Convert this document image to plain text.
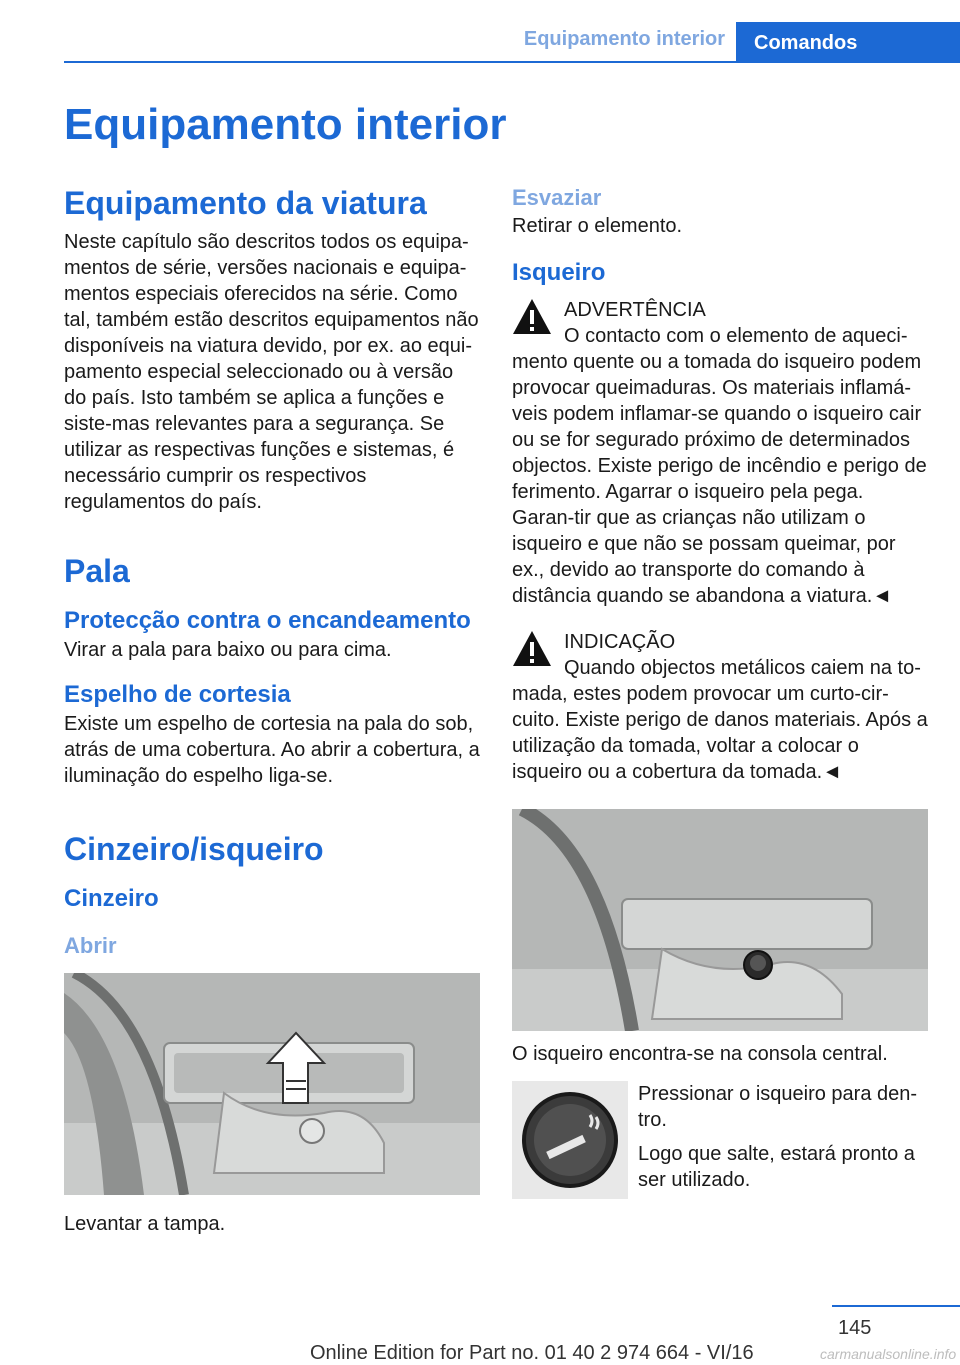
Equipamento interior	Comandos
Equipamento interior
Equipamento da viatura

Neste capítulo são descritos todos os equipa-mentos de série, versões nacionais e equipa-mentos especiais oferecidos na série. Como tal, também estão descritos equipamentos não disponíveis na viatura devido, por ex. ao equi-pamento especial seleccionado ou à versão do país. Isto também se aplica a funções e siste-mas relevantes para a segurança. Se utilizar as respectivas funções e sistemas, é necessário cumprir os respectivos regulamentos do país.

Pala
Protecção contra o encandeamento

Virar a pala para baixo ou para cima.

Espelho de cortesia

Existe um espelho de cortesia na pala do sob, atrás de uma cobertura. Ao abrir a cobertura, a iluminação do espelho liga-se.

Cinzeiro/isqueiro
Cinzeiro
Abrir

Levantar a tampa.

Esvaziar

Retirar o elemento.

Isqueiro
ADVERTÊNCIA

O contacto com o elemento de aqueci-mento quente ou a tomada do isqueiro podem provocar queimaduras. Os materiais inflamá-veis podem inflamar-se quando o isqueiro cair ou se for segurado próximo de determinados objectos. Existe perigo de incêndio e perigo de ferimento. Agarrar o isqueiro pela pega. Garan-tir que as crianças não utilizam o isqueiro e que não se possam queimar, por ex., devido ao transporte do comando à distância quando se abandona a viatura.◄

INDICAÇÃO

Quando objectos metálicos caiem na to-mada, estes podem provocar um curto-cir-cuito. Existe perigo de danos materiais. Após a utilização da tomada, voltar a colocar o isqueiro ou a cobertura da tomada.◄

O isqueiro encontra-se na consola central.

Pressionar o isqueiro para den-tro.

Logo que salte, estará pronto a ser utilizado.

145
Online Edition for Part no. 01 40 2 974 664 - VI/16	carmanualsonline.info
